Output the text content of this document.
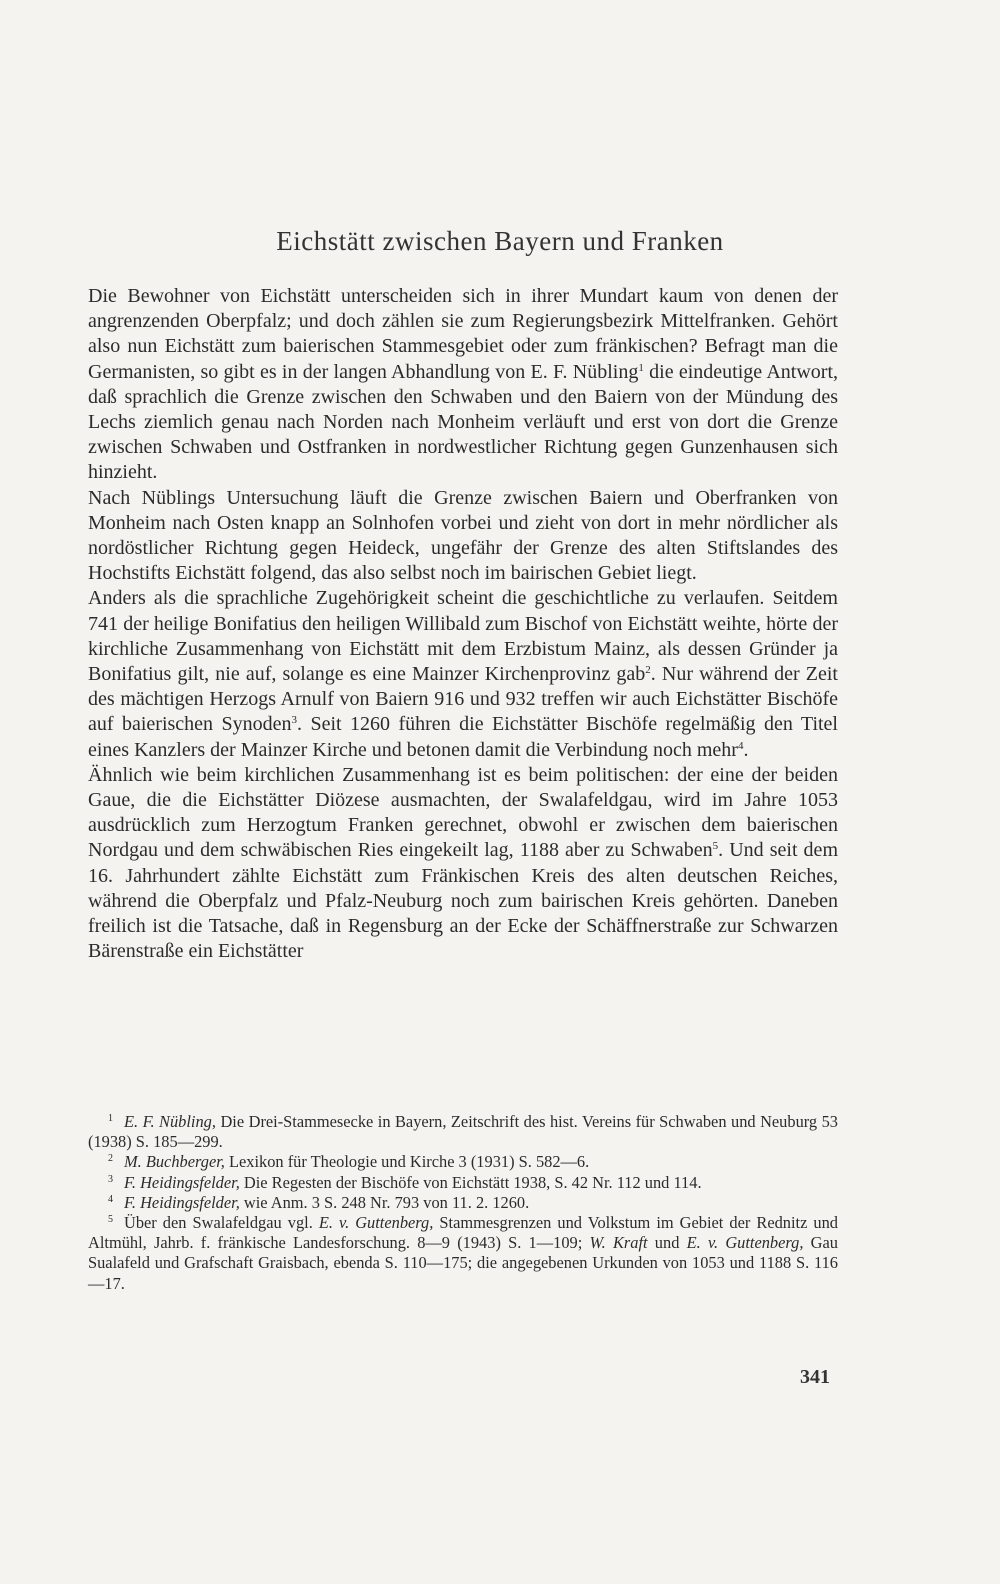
Eichstätt zwischen Bayern und Franken

Die Bewohner von Eichstätt unterscheiden sich in ihrer Mundart kaum von denen der angrenzenden Oberpfalz; und doch zählen sie zum Regierungsbezirk Mittelfranken. Gehört also nun Eichstätt zum baierischen Stammesgebiet oder zum fränkischen? Befragt man die Germanisten, so gibt es in der langen Abhandlung von E. F. Nübling$^1$ die eindeutige Antwort, daß sprachlich die Grenze zwischen den Schwaben und den Baiern von der Mündung des Lechs ziemlich genau nach Norden nach Monheim verläuft und erst von dort die Grenze zwischen Schwaben und Ostfranken in nordwestlicher Richtung gegen Gunzenhausen sich hinzieht.

Nach Nüblings Untersuchung läuft die Grenze zwischen Baiern und Oberfranken von Monheim nach Osten knapp an Solnhofen vorbei und zieht von dort in mehr nördlicher als nordöstlicher Richtung gegen Heideck, ungefähr der Grenze des alten Stiftslandes des Hochstifts Eichstätt folgend, das also selbst noch im bairischen Gebiet liegt.

Anders als die sprachliche Zugehörigkeit scheint die geschichtliche zu verlaufen. Seitdem 741 der heilige Bonifatius den heiligen Willibald zum Bischof von Eichstätt weihte, hörte der kirchliche Zusammenhang von Eichstätt mit dem Erzbistum Mainz, als dessen Gründer ja Bonifatius gilt, nie auf, solange es eine Mainzer Kirchenprovinz gab$^2$. Nur während der Zeit des mächtigen Herzogs Arnulf von Baiern 916 und 932 treffen wir auch Eichstätter Bischöfe auf baierischen Synoden$^3$. Seit 1260 führen die Eichstätter Bischöfe regelmäßig den Titel eines Kanzlers der Mainzer Kirche und betonen damit die Verbindung noch mehr$^4$.

Ähnlich wie beim kirchlichen Zusammenhang ist es beim politischen: der eine der beiden Gaue, die die Eichstätter Diözese ausmachten, der Swalafeldgau, wird im Jahre 1053 ausdrücklich zum Herzogtum Franken gerechnet, obwohl er zwischen dem baierischen Nordgau und dem schwäbischen Ries eingekeilt lag, 1188 aber zu Schwaben$^5$. Und seit dem 16. Jahrhundert zählte Eichstätt zum Fränkischen Kreis des alten deutschen Reiches, während die Oberpfalz und Pfalz-Neuburg noch zum bairischen Kreis gehörten. Daneben freilich ist die Tatsache, daß in Regensburg an der Ecke der Schäffnerstraße zur Schwarzen Bärenstraße ein Eichstätter

$^1$ E. F. Nübling, Die Drei-Stammesecke in Bayern, Zeitschrift des hist. Vereins für Schwaben und Neuburg 53 (1938) S. 185—299.

$^2$ M. Buchberger, Lexikon für Theologie und Kirche 3 (1931) S. 582—6.

$^3$ F. Heidingsfelder, Die Regesten der Bischöfe von Eichstätt 1938, S. 42 Nr. 112 und 114.

$^4$ F. Heidingsfelder, wie Anm. 3 S. 248 Nr. 793 von 11. 2. 1260.

$^5$ Über den Swalafeldgau vgl. E. v. Guttenberg, Stammesgrenzen und Volkstum im Gebiet der Rednitz und Altmühl, Jahrb. f. fränkische Landesforschung. 8—9 (1943) S. 1—109; W. Kraft und E. v. Guttenberg, Gau Sualafeld und Grafschaft Graisbach, ebenda S. 110—175; die angegebenen Urkunden von 1053 und 1188 S. 116—17.

341
